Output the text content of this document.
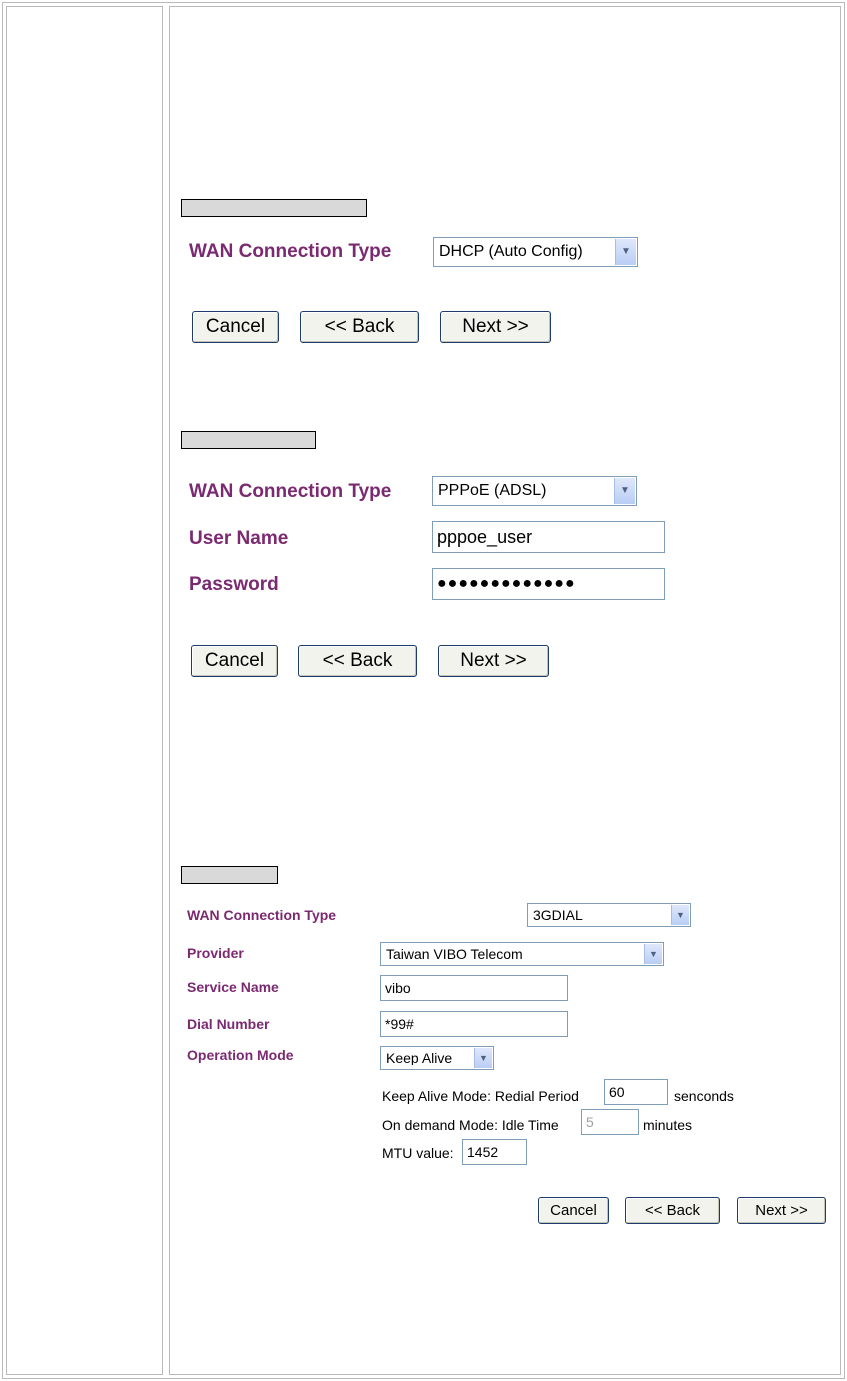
WAN Connection Type	DHCP (Auto Config)	▼
Cancel	<< Back	Next >>
WAN Connection Type	PPPoE (ADSL)	▼
User Name	pppoe_user
Password	●●●●●●●●●●●●●
Cancel	<< Back	Next >>
WAN Connection Type	3GDIAL	▼
Provider	Taiwan VIBO Telecom	▼
Service Name	vibo
Dial Number	*99#
Operation Mode	Keep Alive	▼
Keep Alive Mode: Redial Period	60	senconds
On demand Mode: Idle Time	5	minutes
MTU value: 1452
Cancel	<< Back	Next >>
